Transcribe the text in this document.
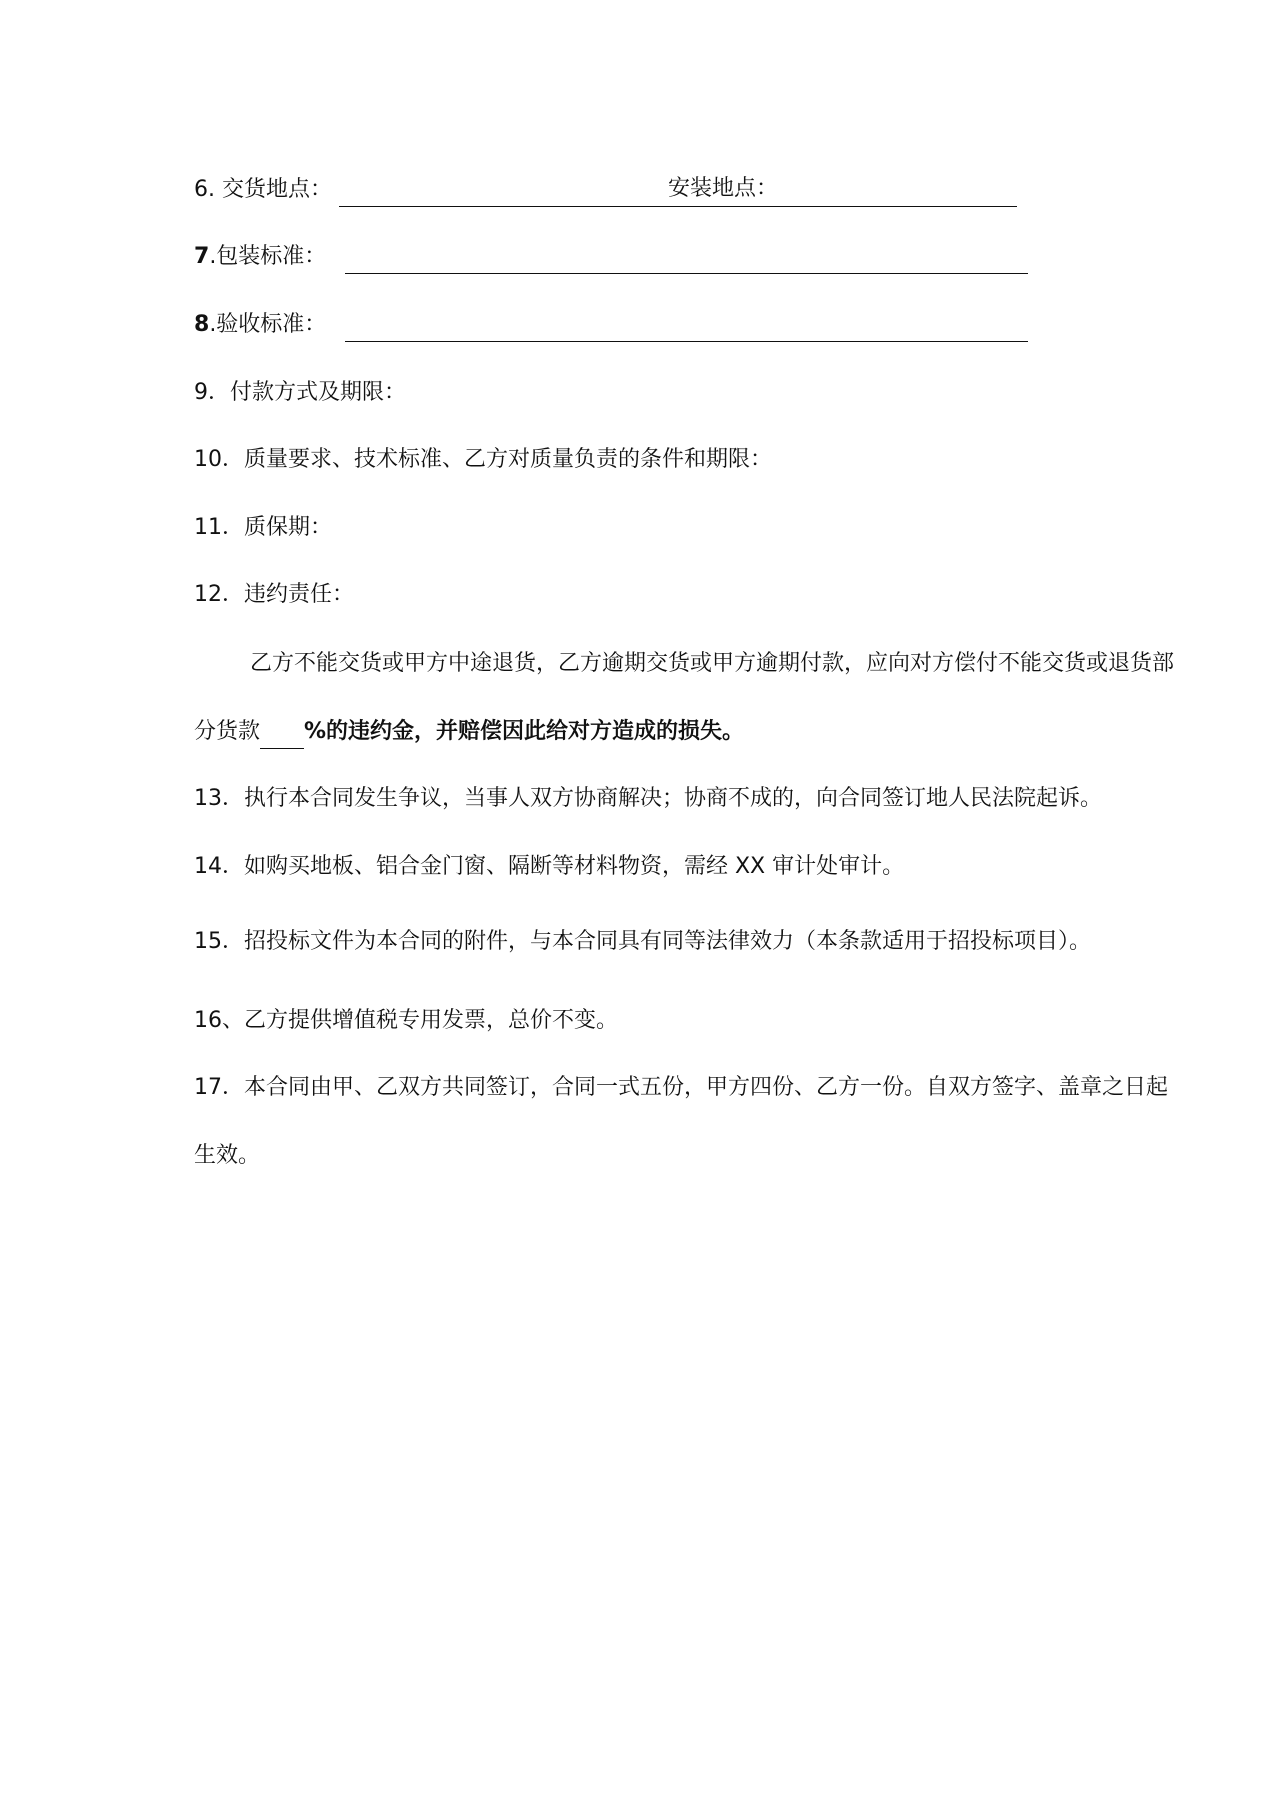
6. 交货地点：	安装地点：
7.包装标准：
8.验收标准：
9．付款方式及期限：
10．质量要求、技术标准、乙方对质量负责的条件和期限：
11．质保期：
12．违约责任：
乙方不能交货或甲方中途退货，乙方逾期交货或甲方逾期付款，应向对方偿付不能交货或退货部
分货款 %的违约金，并赔偿因此给对方造成的损失。
13．执行本合同发生争议，当事人双方协商解决；协商不成的，向合同签订地人民法院起诉。
14．如购买地板、铝合金门窗、隔断等材料物资，需经 XX 审计处审计。
15．招投标文件为本合同的附件，与本合同具有同等法律效力（本条款适用于招投标项目）。
16、乙方提供增值税专用发票，总价不变。
17．本合同由甲、乙双方共同签订，合同一式五份，甲方四份、乙方一份。自双方签字、盖章之日起
生效。
